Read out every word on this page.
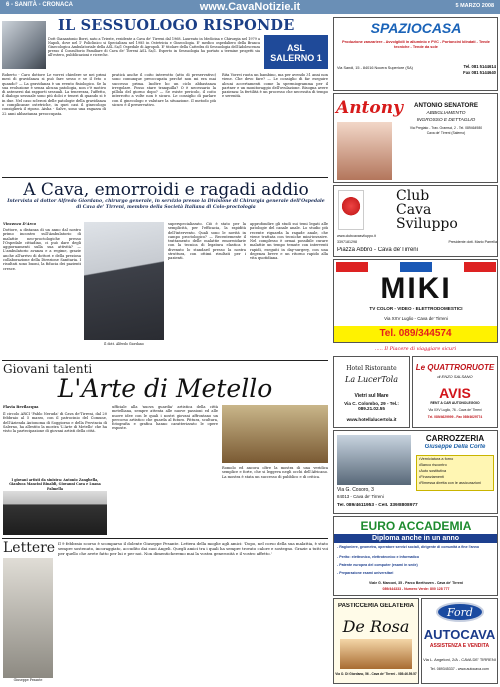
6 - SANITÀ - CRONACA	www.CavaNotizie.it	5 MARZO 2008
IL SESSUOLOGO RISPONDE
Dott Gianantonio Borri, nato a Trieste, residente a Cava de' Tirreni dal 1968. Laureato in Medicina e Chirurgia nel 1979 a Napoli, dove nel 1' Policlinico si Specializza nel 1985 in Ostetricia e Ginecologia. E' medico ospedaliero della Branca Ginecologica Ambulatoriale della ASL Sa/1 Ospedale di Agropoli. E' titolare della Cattedra di Sessuologia dell'Adolescenza presso il Consultorio Familiare di Cava de' Tirreni ASL Sa/1. Esperto in Sessuologia ha portato a termine progetti sia all'estero, pubblicazioni e ricerche.
ASL SALERNO 1
Roberto - Caro dottore Le vorrei chiedere se nei primi mesi di gravidanza si può fare sesso e se il feto o quando? — La gravidanza è un evento fisiologico. Se la sua evoluzione è senza alcuna patologia, non c'è motivo di astenersi dai rapporti sessuali. La tenerezza, l'affetto, il dialogo sessuale sono più dolci e teneri di quando si è in due. Nel caso sclerosi delle patologie della gravidanza o complicanze ostetriche, in quei casi il ginecologo consiglierà il riposo. Aisha - Salve, sono una ragazza di 22 anni abbastanza preoccupata.
praticà anche il coito interrotto (atto di preservativo) sono comunque preoccupata perché non mi era mai successo prima. Inoltre ho un ciclo abbastanza irregolare. Posso stare tranquilla? O è necessario la pillola del giorno dopo? — Se esiste pericolo, il coito interrotto a volte non è sicuro. Le consiglio di parlare con il ginecologo e valutare la situazione. Il metodo più sicuro è il preservativo.
Rita Vorrei ruota un bambino, ma per avendo 31 anni non viene. Che devo fare? — Le consiglio di far eseguire alcuni accertamenti come la spermiogramma per il partner e un monitoraggio dell'ovulazione. Bisogna avere pazienza: la fertilità è un processo che necessita di tempo e serenità.
A Cava, emorroidi e ragadi addio
Intervista al dottor Alfredo Giordano, chirurgo generale, in servizio presso la Divisione di Chirurgia generale dell'Ospedale di Cava de' Tirreni, membro della Società Italiana di Colo-proctologia
Vincenzo D'Arco
Dottore, a distanza di un anno dal nostro primo incontro sull'Ambulatorio di malattie neo-proctologiche presso l'Ospedale cittadino, ci può dare degli aggiornamenti sulla sua attività? — L'ambulatorio avanza e a regime, grazie anche all'arrivo di dottori e della preziosa collaborazione della Direzione Sanitaria. I risultati sono buoni, la fiducia dei pazienti cresce.
Il dott. Alfredo Giordano
superspecializzato. Ciò è stato per la semplicità, per l'efficacia, la rapidità dell'intervento. Quali sono le novità in campo proctologico? — Recentemente il trattamento delle malattie emorroidarie con la tecnica di legatura elastica è divenuto lo standard presso la nostra struttura, con ottimi risultati per i pazienti.
approfondire gli studi sui temi legati alle patologie del canale anale. Lo studio più recente riguarda la ragade anale, che viene trattata con tecniche mini-invasive. Nel complesso è ormai possibile curare malattie un tempo temute con interventi rapidi, eseguiti in day-surgery, con una degenza breve e un ritorno rapido alla vita quotidiana.
Giovani talenti
L'Arte di Metello
Flavia Bevilacqua
Il circolo ARCI 'Pablo Neruda' di Cava de'Tirreni, dal 20 febbraio al 5 marzo, con il patrocinio del Comune, dell'Azienda Autonoma di Soggiorno e della Provincia di Salerno, ha allestito la mostra 'L'Arte di Metello' che ha visto la partecipazione di giovani artisti della città.
I giovani artisti da sinistra: Antonio Zanghella, Gianluca Mancini Rinaldi, Giovanni Cava e Luana Palmella
ufficiale alla 'nuova guardia' artistica della città metelliana, sempre attenta alle nuove passioni ed alle nuove idee con le quali i nostri giovani affrontano un percorso artistico che guarda al futuro. Pittura, scultura, fotografia e grafica hanno caratterizzato le opere esposte.
Romolo ed ancora oltre la mostra di una veridica semplice e forte, che si leggeva negli occhi dell'Africano. La mostra è stata un successo di pubblico e di critica.
Lettere
Giuseppe Pesante
Il 9 febbraio scorso è scomparso il dolente Giuseppe Pesante. Lettera della moglie agli amici: 'Dopo, nel corso della sua malattia, è stato sempre sostenuto, incoraggiato, accudito dai suoi Angeli. Quegli amici tra i quali ha sempre trovato calore e sostegno. Grazie a tutti voi per quello che avete fatto per lui e per noi. Non dimenticheremo mai la vostra generosità e il vostro affetto.'
SPAZIOCASA
Produzione zanzariere - Avvolgibili in alluminio e PVC - Portoncini blindati - Tende tecniche - Tende da sole
Via Sandi, 15 - 84016 Nocera Superiore (SA)	Tel. 081 5144614
Fax 081 5144640
Antony	ANTONIO SENATORE
ABBIGLIAMENTO
INGROSSO E DETTAGLIO
Via Pregiato - Trav. Gramsci, 2 - Tel. 089464980
Cava de' Tirreni (Salerno)
Club
Cava
Sviluppo
www.clubcavasviluppo.it
3397181298	Presidente dott. Mario Parrella
Piazza Abbro - Cava de'Tirreni
MIKI
TV COLOR - VIDEO - ELETTRODOMESTICI
Via XXV Luglio - Cava de' Tirreni
Tel. 089/344574
..... Il Piacere di viaggiare sicuri
Le QUATTRORUOTE
di ENZO SALSANO
AVIS
RENT A CAR AUTONOLEGGIO
Via XXV Luglio, 76 - Cava de' Tirreni
Tel. 089/4629999 - Fax 089/4629774
Hotel Ristorante
La LucerTola
Vietri sul Mare
Via C. Colombo, 29 - Tel.: 089.21.02.55
www.hotellalucertola.it
CARROZZERIA
Giuseppe Della Corte
•Verniciatura a forno
•Banco riscontro
•Auto sostitutiva
•Finanziamenti
•Rimessa diretta con le assicurazioni
Via G. Cosoro, 3
84013 - Cava de' Tirreni
Tel. 089/4611953 - Cell. 339/8808977
EURO ACCADEMIA
Diploma anche in un anno
- Ragioniere, geometra, operatore servizi sociali, dirigente di comunità a fine l'anno
- Perito: elettronico, elettrotecnico e informatico
- Patente europea del computer (esami in sede)
- Preparazione esami universitari
Viale G. Marconi, 35 - Parco Beethoven - Cava de' Tirreni
089/444333 - Numero Verde: 800 128 777
PASTICCERIA GELATERIA
De Rosa
Via O. Di Giordano, 56 - Cava de' Tirreni - 089.46.59.57
Ford
AUTOCAVA
ASSISTENZA E VENDITA
Via L. Angeloni, 2/A - CAVA DE' TIRRENI
Tel. 089345337 - www.autocava.com
